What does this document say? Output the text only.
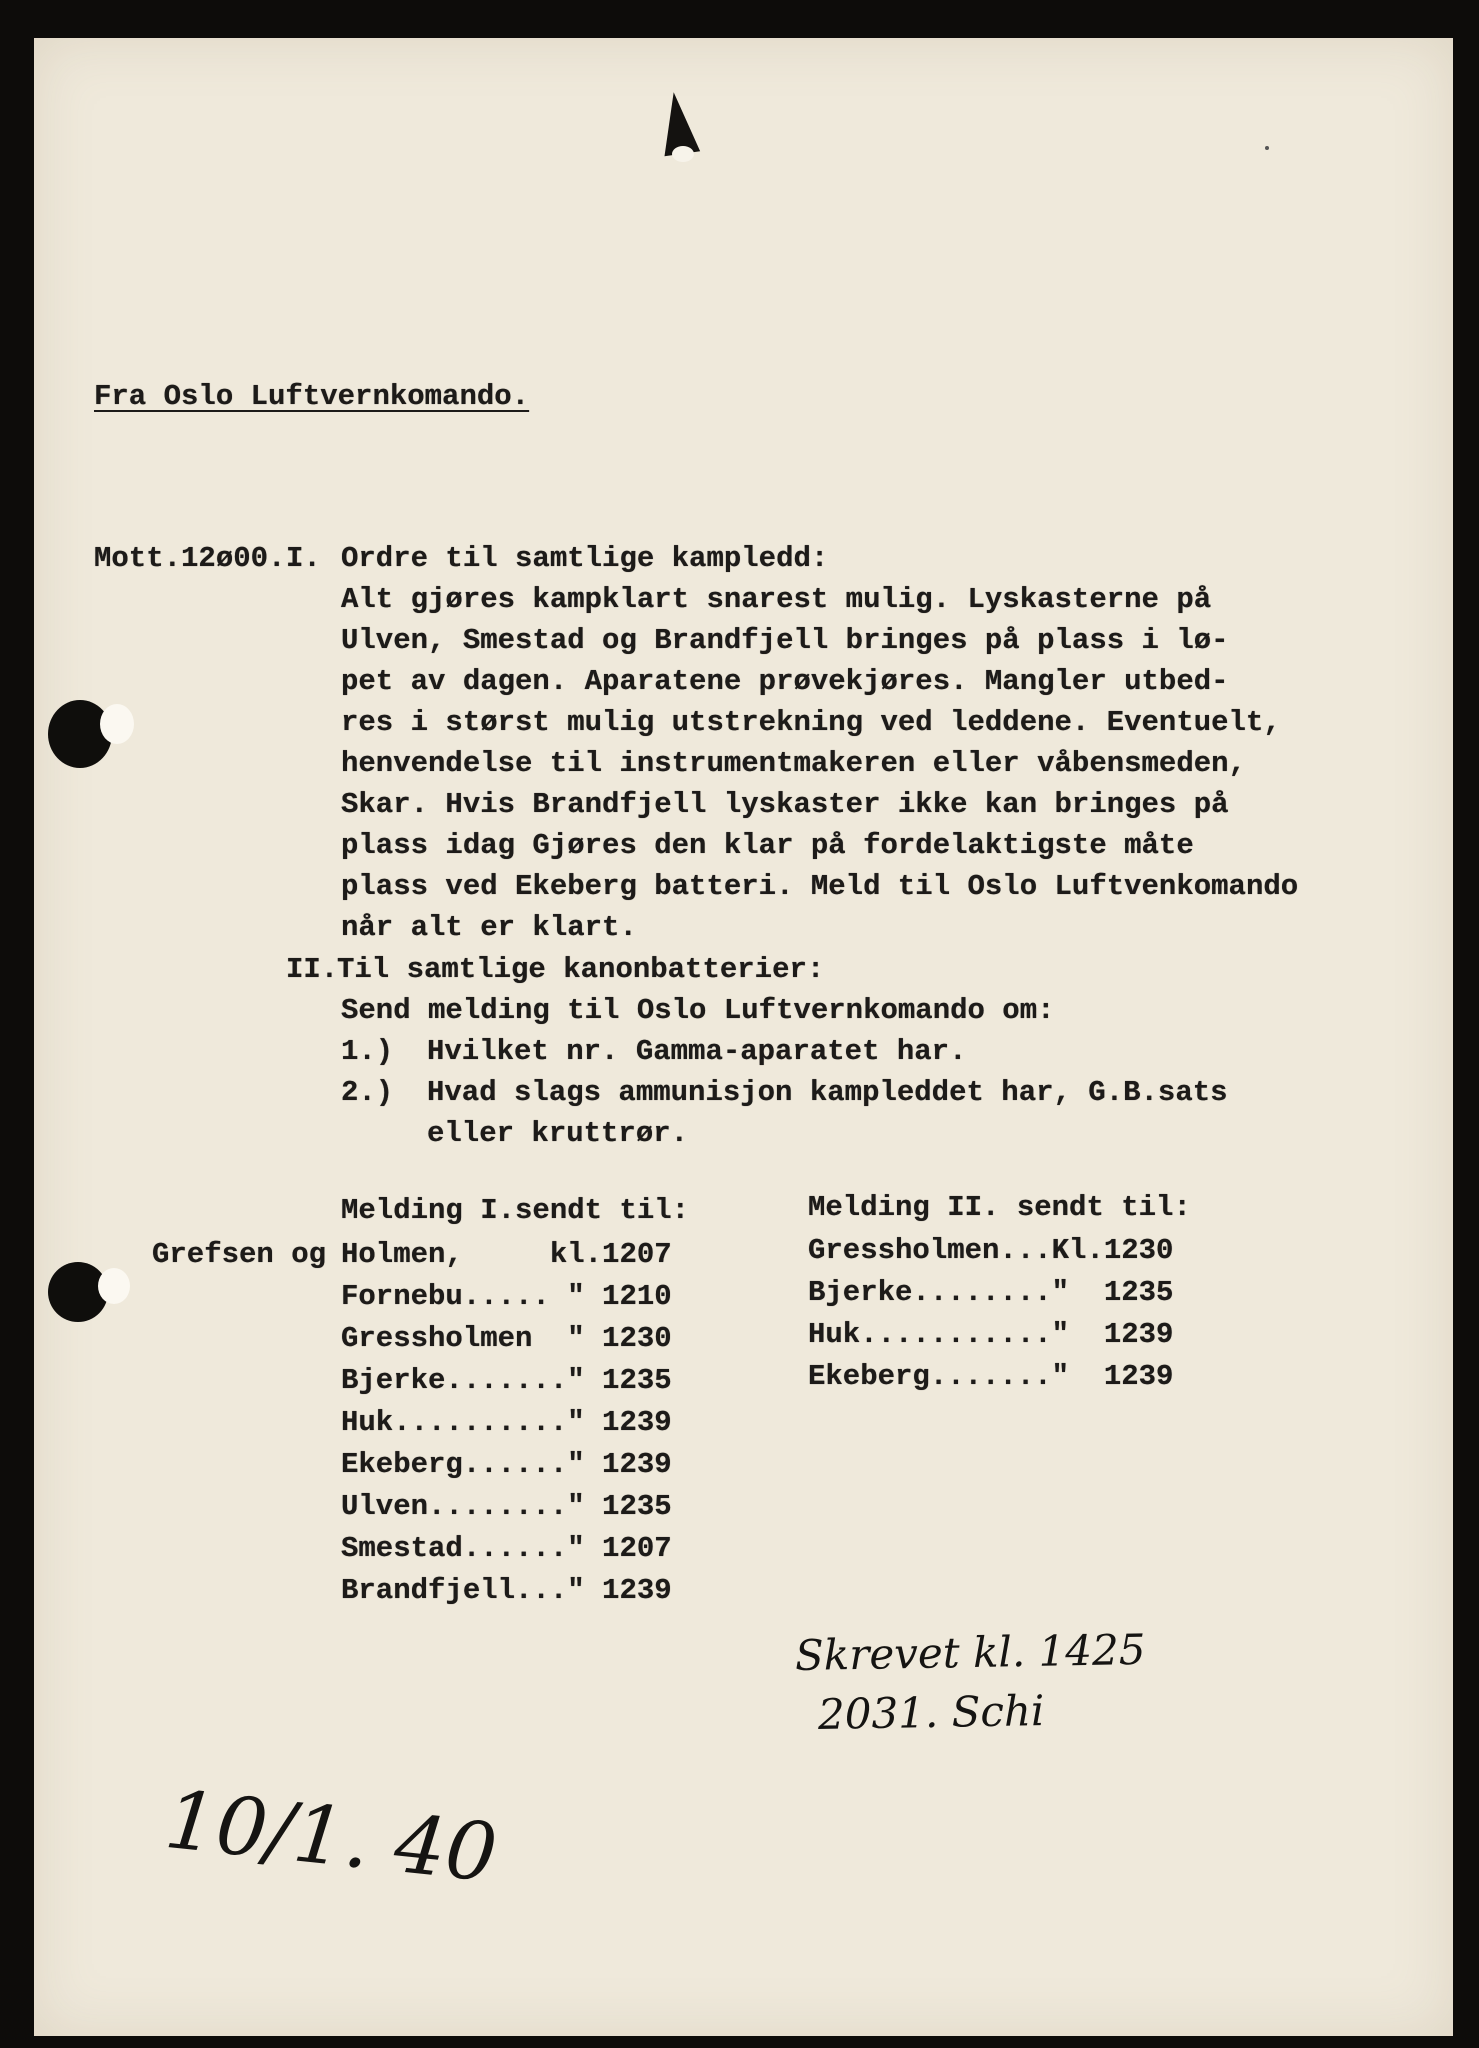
Fra Oslo Luftvernkomando.
Mott.12ø00. I. Ordre til samtlige kampledd:
Alt gjøres kampklart snarest mulig. Lyskasterne på
Ulven, Smestad og Brandfjell bringes på plass i lø-
pet av dagen. Aparatene prøvekjøres. Mangler utbed-
res i størst mulig utstrekning ved leddene. Eventuelt,
henvendelse til instrumentmakeren eller våbensmeden,
Skar. Hvis Brandfjell lyskaster ikke kan bringes på
plass idag Gjøres den klar på fordelaktigste måte
plass ved Ekeberg batteri. Meld til Oslo Luftvenkomando
når alt er klart.
II.
Til samtlige kanonbatterier:
Send melding til Oslo Luftvernkomando om:
1.) Hvilket nr. Gamma-aparatet har.
2.) Hvad slags ammunisjon kampleddet har, G.B.sats
eller kruttrør.
Melding I.sendt til:
Grefsen og Holmen,     kl.1207
Fornebu..... " 1210
Gressholmen  " 1230
Bjerke......." 1235
Huk.........." 1239
Ekeberg......" 1239
Ulven........" 1235
Smestad......" 1207
Brandfjell..." 1239
Melding II. sendt til:
Gressholmen...Kl.1230
Bjerke........"  1235
Huk..........."  1239
Ekeberg......."  1239
Skrevet kl. 1425
2031. Schi
10/1. 40
